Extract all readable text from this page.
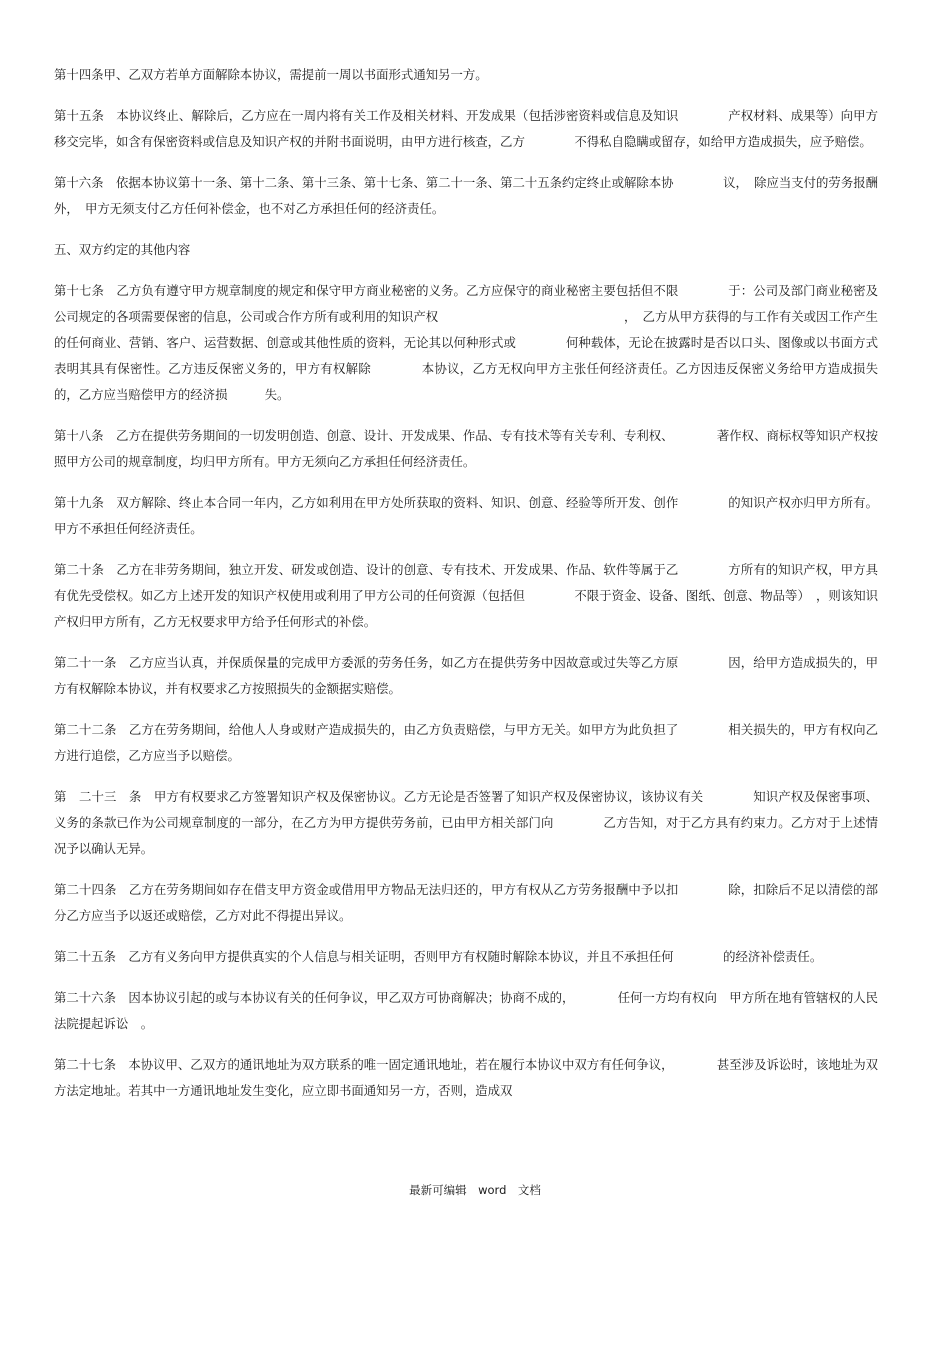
第十四条甲、乙双方若单方面解除本协议，需提前一周以书面形式通知另一方。

第十五条　本协议终止、解除后，乙方应在一周内将有关工作及相关材料、开发成果（包括涉密资料或信息及知识　　　　产权材料、成果等）向甲方移交完毕，如含有保密资料或信息及知识产权的并附书面说明，由甲方进行核查，乙方　　　　不得私自隐瞒或留存，如给甲方造成损失，应予赔偿。

第十六条　依据本协议第十一条、第十二条、第十三条、第十七条、第二十一条、第二十五条约定终止或解除本协　　　　议，　除应当支付的劳务报酬外，　甲方无须支付乙方任何补偿金，也不对乙方承担任何的经济责任。

五、双方约定的其他内容

第十七条　乙方负有遵守甲方规章制度的规定和保守甲方商业秘密的义务。乙方应保守的商业秘密主要包括但不限　　　　于：公司及部门商业秘密及公司规定的各项需要保密的信息，公司或合作方所有或利用的知识产权　　　　　　　　　　　　　　　，　乙方从甲方获得的与工作有关或因工作产生的任何商业、营销、客户、运营数据、创意或其他性质的资料，无论其以何种形式或　　　　何种载体，无论在披露时是否以口头、图像或以书面方式表明其具有保密性。乙方违反保密义务的，甲方有权解除　　　　本协议，乙方无权向甲方主张任何经济责任。乙方因违反保密义务给甲方造成损失的，乙方应当赔偿甲方的经济损　　　失。

第十八条　乙方在提供劳务期间的一切发明创造、创意、设计、开发成果、作品、专有技术等有关专利、专利权、　　　　著作权、商标权等知识产权按照甲方公司的规章制度，均归甲方所有。甲方无须向乙方承担任何经济责任。

第十九条　双方解除、终止本合同一年内，乙方如利用在甲方处所获取的资料、知识、创意、经验等所开发、创作　　　　的知识产权亦归甲方所有。甲方不承担任何经济责任。

第二十条　乙方在非劳务期间，独立开发、研发或创造、设计的创意、专有技术、开发成果、作品、软件等属于乙　　　　方所有的知识产权，甲方具有优先受偿权。如乙方上述开发的知识产权使用或利用了甲方公司的任何资源（包括但　　　　不限于资金、设备、图纸、创意、物品等）　，则该知识产权归甲方所有，乙方无权要求甲方给予任何形式的补偿。

第二十一条　乙方应当认真，并保质保量的完成甲方委派的劳务任务，如乙方在提供劳务中因故意或过失等乙方原　　　　因，给甲方造成损失的，甲方有权解除本协议，并有权要求乙方按照损失的金额据实赔偿。

第二十二条　乙方在劳务期间，给他人人身或财产造成损失的，由乙方负责赔偿，与甲方无关。如甲方为此负担了　　　　相关损失的，甲方有权向乙方进行追偿，乙方应当予以赔偿。

第　二十三　条　甲方有权要求乙方签署知识产权及保密协议。乙方无论是否签署了知识产权及保密协议，该协议有关　　　　知识产权及保密事项、义务的条款已作为公司规章制度的一部分，在乙方为甲方提供劳务前，已由甲方相关部门向　　　　乙方告知，对于乙方具有约束力。乙方对于上述情况予以确认无异。

第二十四条　乙方在劳务期间如存在借支甲方资金或借用甲方物品无法归还的，甲方有权从乙方劳务报酬中予以扣　　　　除，扣除后不足以清偿的部分乙方应当予以返还或赔偿，乙方对此不得提出异议。

第二十五条　乙方有义务向甲方提供真实的个人信息与相关证明，否则甲方有权随时解除本协议，并且不承担任何　　　　的经济补偿责任。

第二十六条　因本协议引起的或与本协议有关的任何争议，甲乙双方可协商解决；协商不成的，　　　　任何一方均有权向　甲方所在地有管辖权的人民法院提起诉讼　。

第二十七条　本协议甲、乙双方的通讯地址为双方联系的唯一固定通讯地址，若在履行本协议中双方有任何争议，　　　　甚至涉及诉讼时，该地址为双方法定地址。若其中一方通讯地址发生变化，应立即书面通知另一方，否则，造成双

最新可编辑　word　文档
